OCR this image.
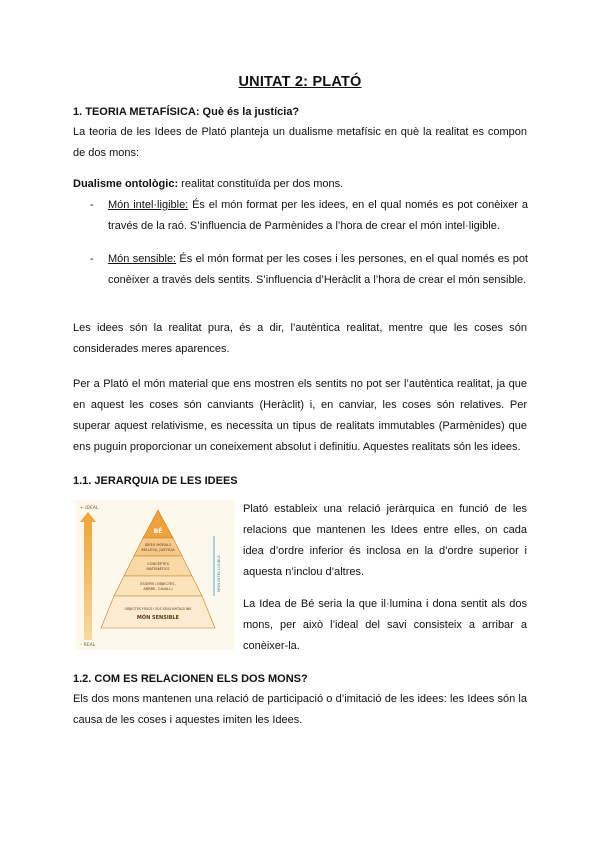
UNITAT 2: PLATÓ
1. TEORIA METAFÍSICA: Què és la justícia?

La teoria de les Idees de Plató planteja un dualisme metafísic en què la realitat es compon de dos mons:

Dualisme ontològic: realitat constituïda per dos mons.
- Món intel·ligible: És el món format per les idees, en el qual només es pot conèixer a través de la raó. S’influencia de Parmènides a l’hora de crear el món intel·ligible.

- Món sensible: És el món format per les coses i les persones, en el qual només es pot conèixer a través dels sentits. S’influencia d’Heràclit a l’hora de crear el món sensible.

Les idees són la realitat pura, és a dir, l’autèntica realitat, mentre que les coses són considerades meres aparences.

Per a Plató el món material que ens mostren els sentits no pot ser l’autèntica realitat, ja que en aquest les coses són canviants (Heràclit) i, en canviar, les coses són relatives. Per superar aquest relativisme, es necessita un tipus de realitats immutables (Parmènides) que ens puguin proporcionar un coneixement absolut i definitiu. Aquestes realitats són les idees.

1.1. JERARQUIA DE LES IDEES
+ IDEAL
– REAL
BÉ
IDEES MORALS
BELLESA, JUSTÍCIA
CONCEPTES
MATEMÀTICS
ÉSSERS (OBJECTES,
ARBRE, CAVALL)
OBJECTES FÍSICS I ELS SEUS IMITACIONS
MÓN SENSIBLE
MÓN INTEL·LIGIBLE

Plató estableix una relació jeràrquica en funció de les relacions que mantenen les Idees entre elles, on cada idea d’ordre inferior és inclosa en la d’ordre superior i aquesta n’inclou d’altres.

La Idea de Bé seria la que il·lumina i dona sentit als dos mons, per això l’ideal del savi consisteix a arribar a conèixer-la.

1.2. COM ES RELACIONEN ELS DOS MONS?

Els dos mons mantenen una relació de participació o d’imitació de les idees: les Idees són la causa de les coses i aquestes imiten les Idees.
